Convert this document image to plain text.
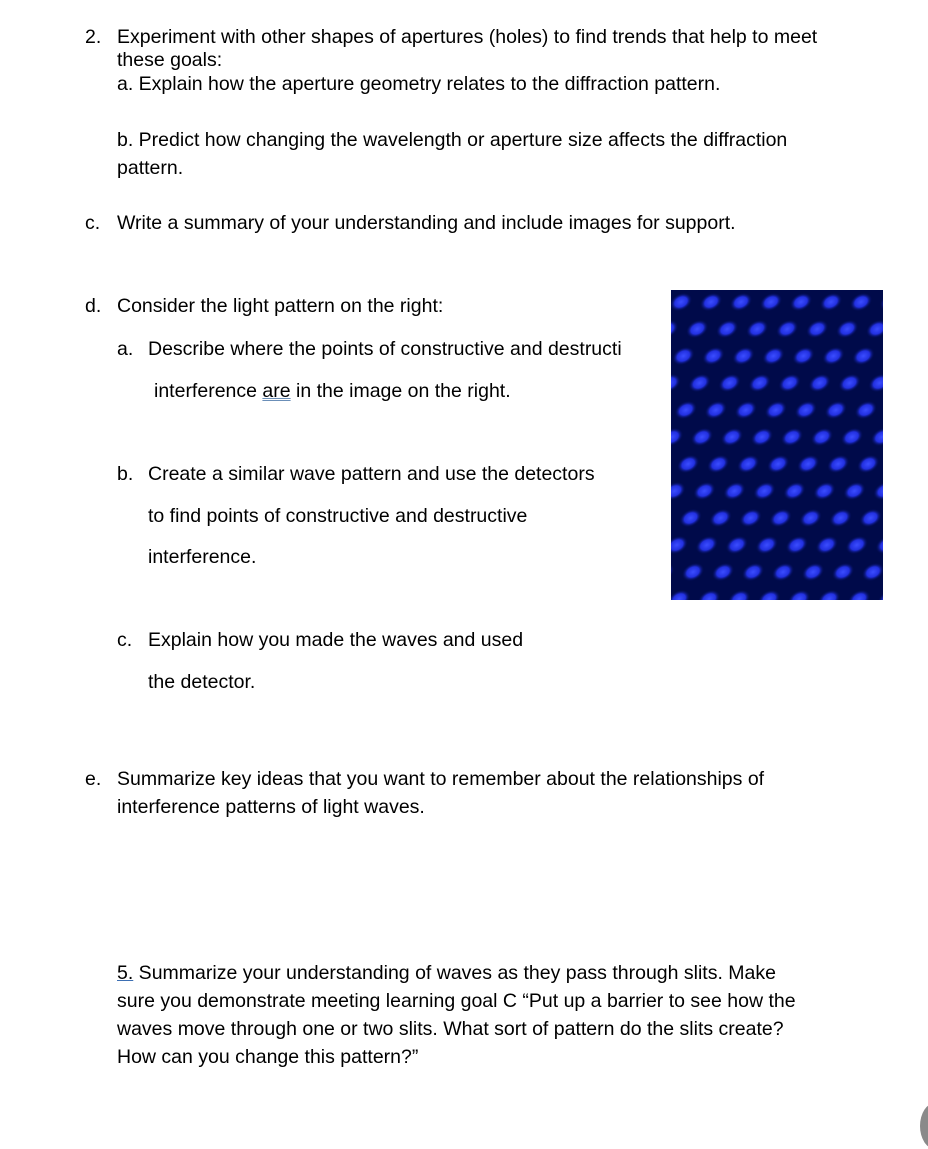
2. Experiment with other shapes of apertures (holes) to find trends that help to meet
these goals:
a. Explain how the aperture geometry relates to the diffraction pattern.
b. Predict how changing the wavelength or aperture size affects the diffraction
pattern.
c. Write a summary of your understanding and include images for support.
d. Consider the light pattern on the right:
a. Describe where the points of constructive and destructi
interference are in the image on the right.
b. Create a similar wave pattern and use the detectors
to find points of constructive and destructive
interference.
c. Explain how you made the waves and used
the detector.
e. Summarize key ideas that you want to remember about the relationships of
interference patterns of light waves.
5. Summarize your understanding of waves as they pass through slits. Make
sure you demonstrate meeting learning goal C “Put up a barrier to see how the
waves move through one or two slits. What sort of pattern do the slits create?
How can you change this pattern?”
